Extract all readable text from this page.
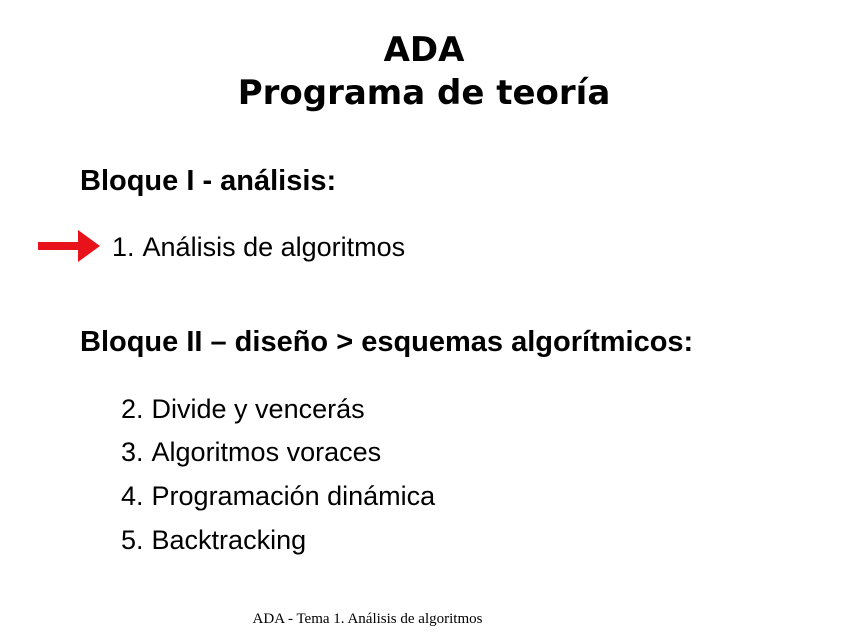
ADA
Programa de teoría
Bloque I - análisis:
1. Análisis de algoritmos
Bloque II – diseño > esquemas algorítmicos:
2. Divide y vencerás
3. Algoritmos voraces
4. Programación dinámica
5. Backtracking
ADA - Tema 1. Análisis de algoritmos
